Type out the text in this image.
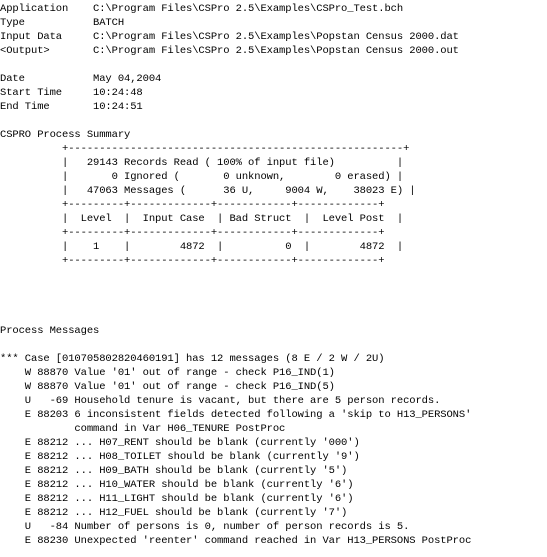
Application    C:\Program Files\CSPro 2.5\Examples\CSPro_Test.bch
Type           BATCH
Input Data     C:\Program Files\CSPro 2.5\Examples\Popstan Census 2000.dat
<Output>       C:\Program Files\CSPro 2.5\Examples\Popstan Census 2000.out
Date           May 04,2004
Start Time     10:24:48
End Time       10:24:51
CSPRO Process Summary
+------------------------------------------------------+
|   29143 Records Read ( 100% of input file)          |
|       0 Ignored (       0 unknown,        0 erased) |
|   47063 Messages (      36 U,     9004 W,    38023 E) |
+---------+-------------+------------+-------------+
|  Level  |  Input Case  | Bad Struct  |  Level Post  |
+---------+-------------+------------+-------------+
|    1    |        4872  |          0  |        4872  |
+---------+-------------+------------+-------------+
Process Messages
*** Case [010705802820460191] has 12 messages (8 E / 2 W / 2U)
W 88870 Value '01' out of range - check P16_IND(1)
W 88870 Value '01' out of range - check P16_IND(5)
U   -69 Household tenure is vacant, but there are 5 person records.
E 88203 6 inconsistent fields detected following a 'skip to H13_PERSONS'
command in Var H06_TENURE PostProc
E 88212 ... H07_RENT should be blank (currently '000')
E 88212 ... H08_TOILET should be blank (currently '9')
E 88212 ... H09_BATH should be blank (currently '5')
E 88212 ... H10_WATER should be blank (currently '6')
E 88212 ... H11_LIGHT should be blank (currently '6')
E 88212 ... H12_FUEL should be blank (currently '7')
U   -84 Number of persons is 0, number of person records is 5.
E 88230 Unexpected 'reenter' command reached in Var H13_PERSONS PostProc
